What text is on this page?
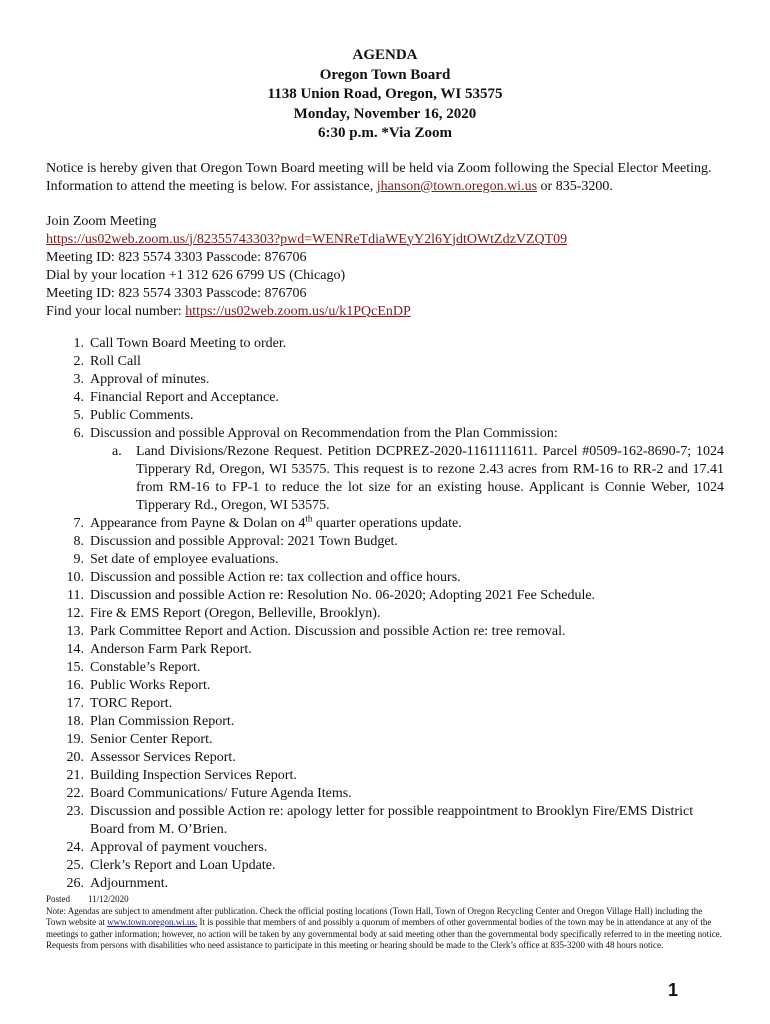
AGENDA
Oregon Town Board
1138 Union Road, Oregon, WI 53575
Monday, November 16, 2020
6:30 p.m. *Via Zoom

Notice is hereby given that Oregon Town Board meeting will be held via Zoom following the Special Elector Meeting. Information to attend the meeting is below. For assistance, jhanson@town.oregon.wi.us or 835-3200.

Join Zoom Meeting

https://us02web.zoom.us/j/82355743303?pwd=WENReTdiaWEyY2l6YjdtOWtZdzVZQT09

Meeting ID: 823 5574 3303 Passcode: 876706

Dial by your location +1 312 626 6799 US (Chicago)

Meeting ID: 823 5574 3303 Passcode: 876706

Find your local number: https://us02web.zoom.us/u/k1PQcEnDP

1. Call Town Board Meeting to order.
2. Roll Call
3. Approval of minutes.
4. Financial Report and Acceptance.
5. Public Comments.
6. Discussion and possible Approval on Recommendation from the Plan Commission:
a.	Land Divisions/Rezone Request. Petition DCPREZ-2020-1161111611. Parcel #0509-162-8690-7; 1024 Tipperary Rd, Oregon, WI 53575. This request is to rezone 2.43 acres from RM-16 to RR-2 and 17.41 from RM-16 to FP-1 to reduce the lot size for an existing house. Applicant is Connie Weber, 1024 Tipperary Rd., Oregon, WI 53575.
7. Appearance from Payne & Dolan on 4th quarter operations update.
8. Discussion and possible Approval: 2021 Town Budget.
9. Set date of employee evaluations.
10. Discussion and possible Action re: tax collection and office hours.
11. Discussion and possible Action re: Resolution No. 06-2020; Adopting 2021 Fee Schedule.
12. Fire & EMS Report (Oregon, Belleville, Brooklyn).
13. Park Committee Report and Action. Discussion and possible Action re: tree removal.
14. Anderson Farm Park Report.
15. Constable’s Report.
16. Public Works Report.
17. TORC Report.
18. Plan Commission Report.
19. Senior Center Report.
20. Assessor Services Report.
21. Building Inspection Services Report.
22. Board Communications/ Future Agenda Items.
23. Discussion and possible Action re: apology letter for possible reappointment to Brooklyn Fire/EMS District Board from M. O’Brien.
24. Approval of payment vouchers.
25. Clerk’s Report and Loan Update.
26. Adjournment.
Posted 11/12/2020
Note: Agendas are subject to amendment after publication. Check the official posting locations (Town Hall, Town of Oregon Recycling Center and Oregon Village Hall) including the Town website at www.town.oregon.wi.us. It is possible that members of and possibly a quorum of members of other governmental bodies of the town may be in attendance at any of the meetings to gather information; however, no action will be taken by any governmental body at said meeting other than the governmental body specifically referred to in the meeting notice. Requests from persons with disabilities who need assistance to participate in this meeting or hearing should be made to the Clerk’s office at 835-3200 with 48 hours notice.
1
